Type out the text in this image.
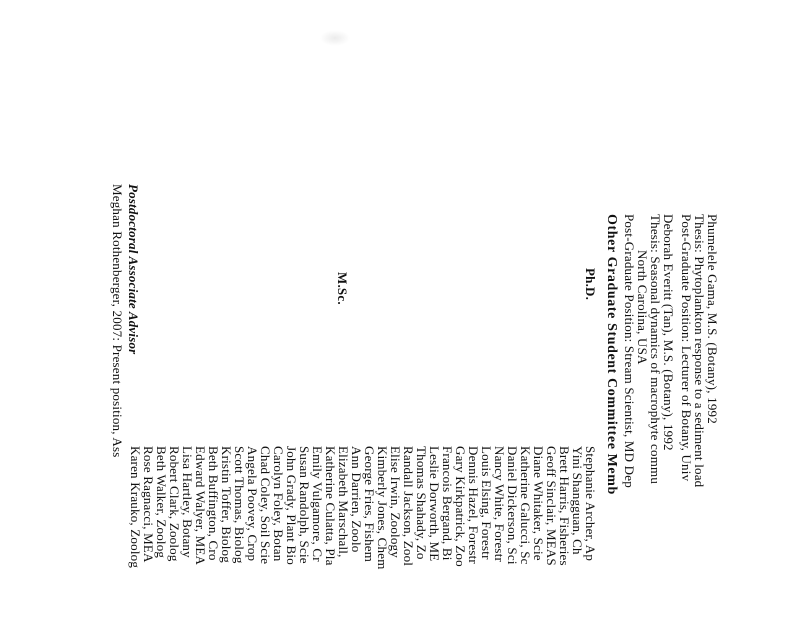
Phumelele Gama, M.S. (Botany), 1992
Thesis: Phytoplankton response to a sediment load
Post-Graduate Position: Lecturer of Botany, Univ
Deborah Everitt (Tan), M.S. (Botany), 1992
Thesis: Seasonal dynamics of macrophyte commu
North Carolina, USA
Post-Graduate Position: Stream Scientist, MD Dep
Other Graduate Student Committee Memb
Ph.D.
Stephanie Archer, Ap
Yini Shangguan, Ch
Brett Harris, Fisheries
Geoff Sinclair, MEAS
Diane Whitaker, Scie
Katherine Galucci, Sc
Daniel Dickerson, Sci
Nancy White, Forestr
Louis Elsing, Forestr
Dennis Hazel, Forestr
Gary Kirkpatrick, Zoo
Francois Bergand, Bi
Leslie Dorworth, ME
Thomas Shahady, Zo
Randall Jackson, Zool
Elise Irwin, Zoology
Kimberly Jones, Chem
George Fries, Fishem
Ann Darrien, Zoolo
Elizabeth Marschall,
M.Sc.
Katherine Culatta, Pla
Emily Vulgamore, Cr
Susan Randolph, Scie
John Grady, Plant Bio
Carolyn Foley, Botan
Chad Coley, Soil Scie
Angela Poovey, Crop
Scott Thomas, Biolog
Kristin Toffer, Biolog
Beth Buffington, Cro
Edward Walyer, MEA
Lisa Hartley, Botany
Robert Clark, Zoolog
Beth Walker, Zoolog
Rose Ragnacci, MEA
Karen Krauko, Zoolog
Postdoctoral Associate Advisor
Meghan Rothenberger, 2007: Present position, Ass
